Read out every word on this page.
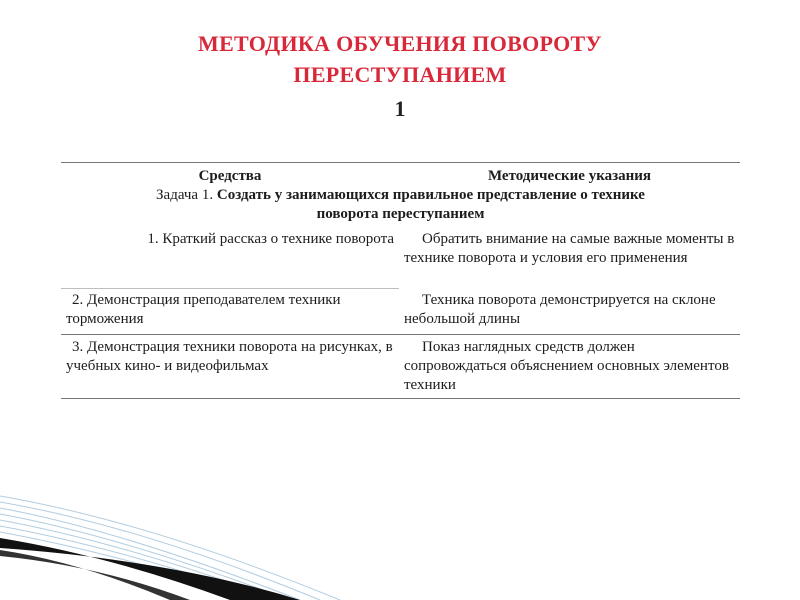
МЕТОДИКА ОБУЧЕНИЯ ПОВОРОТУ
ПЕРЕСТУПАНИЕМ
1
Средства	Методические указания
Задача 1. Создать у занимающихся правильное представление о технике
поворота переступанием	
1. Краткий рассказ о технике поворота	Обратить внимание на самые важные моменты в технике поворота и условия его применения
2. Демонстрация преподавателем техники торможения	Техника поворота демонстрируется на склоне небольшой длины
3. Демонстрация техники поворота на рисунках, в учебных кино- и видеофильмах	Показ наглядных средств должен сопровождаться объяснением основных элементов техники
